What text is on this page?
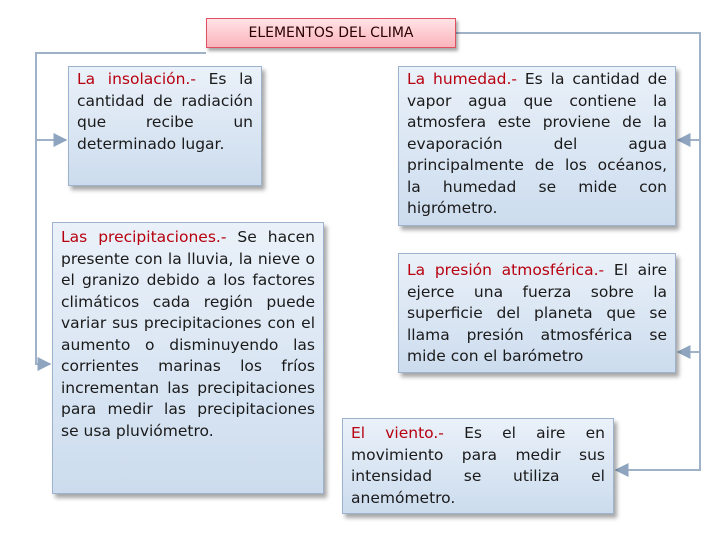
ELEMENTOS DEL CLIMA
La insolación.- Es la cantidad de radiación que recibe un determinado lugar.
La humedad.- Es la cantidad de vapor agua que contiene la atmosfera este proviene de la evaporación del agua principalmente de los océanos, la humedad se mide con higrómetro.
Las precipitaciones.- Se hacen presente con la lluvia, la nieve o el granizo debido a los factores climáticos cada región puede variar sus precipitaciones con el aumento o disminuyendo las corrientes marinas los fríos incrementan las precipitaciones para medir las precipitaciones se usa pluviómetro.
La presión atmosférica.- El aire ejerce una fuerza sobre la superficie del planeta que se llama presión atmosférica se mide con el barómetro
El viento.- Es el aire en movimiento para medir sus intensidad se utiliza el anemómetro.
